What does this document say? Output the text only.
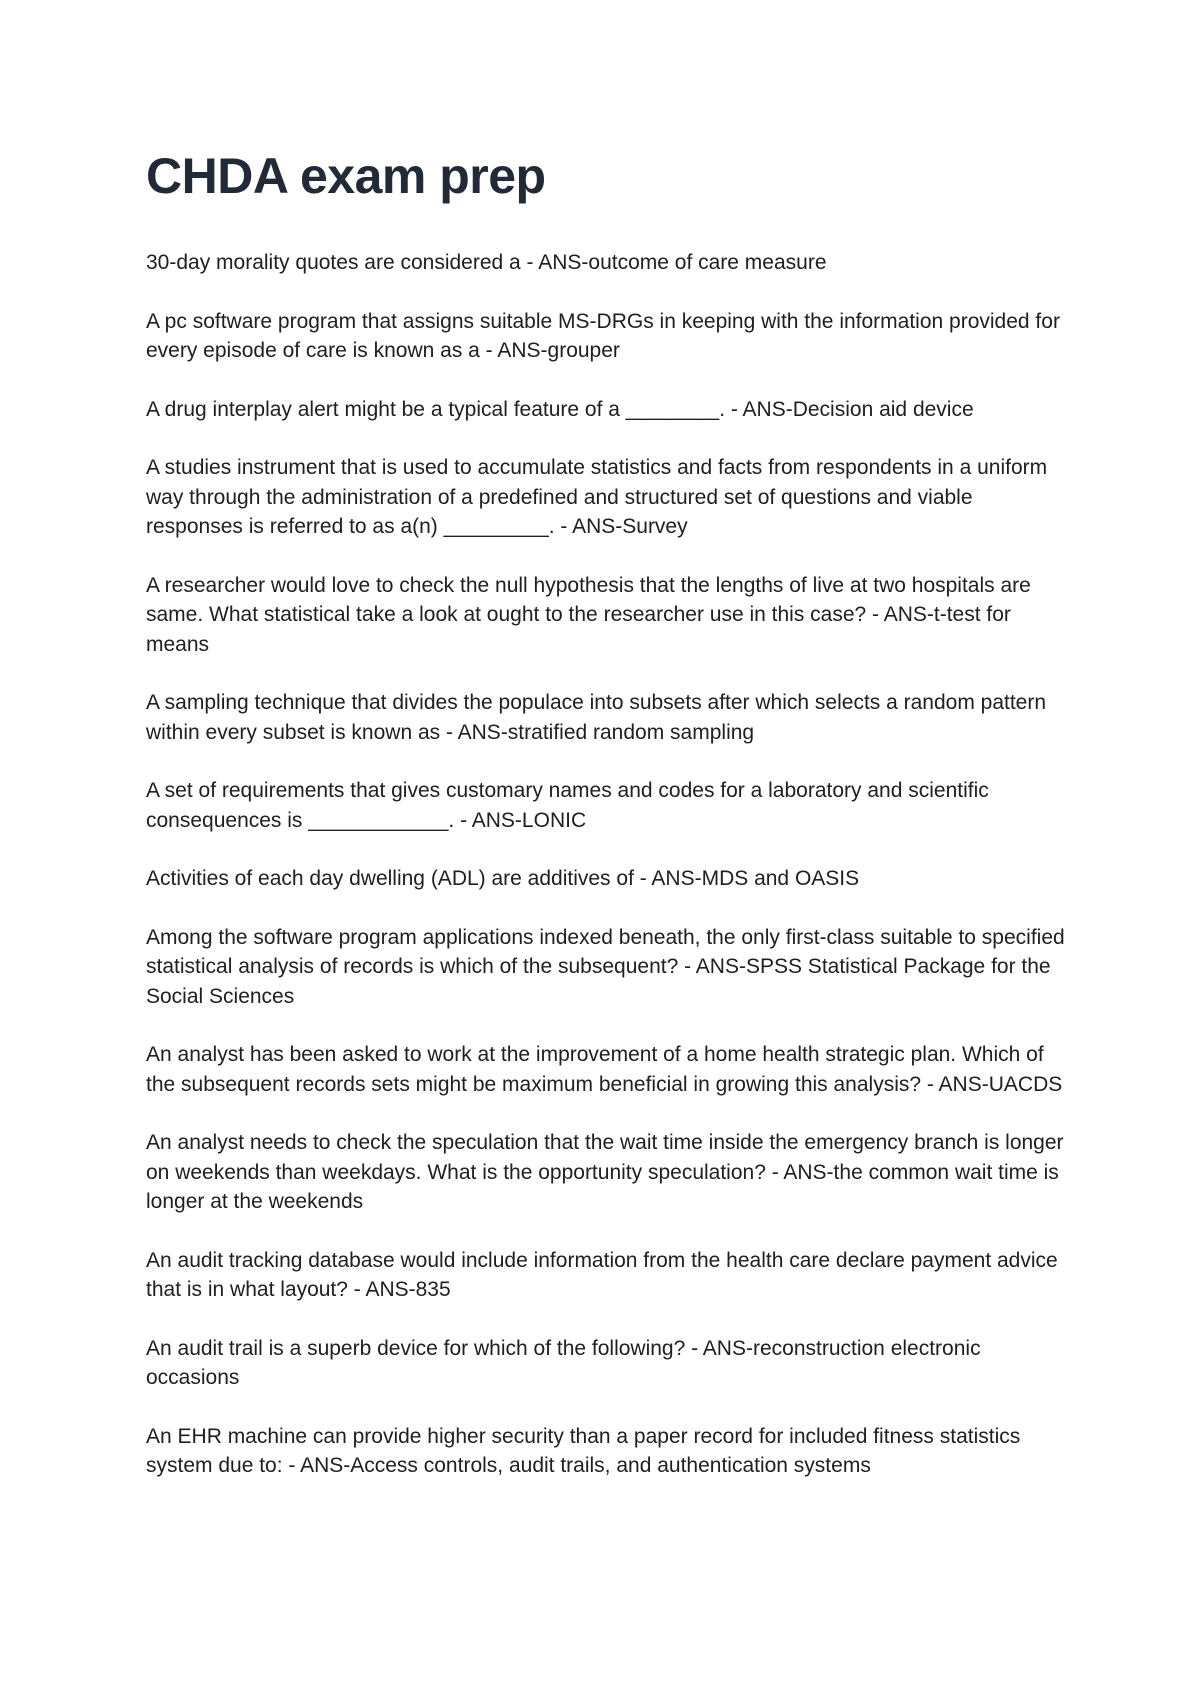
CHDA exam prep

30-day morality quotes are considered a - ANS-outcome of care measure

A pc software program that assigns suitable MS-DRGs in keeping with the information provided for every episode of care is known as a - ANS-grouper

A drug interplay alert might be a typical feature of a ________. - ANS-Decision aid device

A studies instrument that is used to accumulate statistics and facts from respondents in a uniform way through the administration of a predefined and structured set of questions and viable responses is referred to as a(n) _________. - ANS-Survey

A researcher would love to check the null hypothesis that the lengths of live at two hospitals are same. What statistical take a look at ought to the researcher use in this case? - ANS-t-test for means

A sampling technique that divides the populace into subsets after which selects a random pattern within every subset is known as - ANS-stratified random sampling

A set of requirements that gives customary names and codes for a laboratory and scientific consequences is ____________. - ANS-LONIC

Activities of each day dwelling (ADL) are additives of - ANS-MDS and OASIS

Among the software program applications indexed beneath, the only first-class suitable to specified statistical analysis of records is which of the subsequent? - ANS-SPSS Statistical Package for the Social Sciences

An analyst has been asked to work at the improvement of a home health strategic plan. Which of the subsequent records sets might be maximum beneficial in growing this analysis? - ANS-UACDS

An analyst needs to check the speculation that the wait time inside the emergency branch is longer on weekends than weekdays. What is the opportunity speculation? - ANS-the common wait time is longer at the weekends

An audit tracking database would include information from the health care declare payment advice that is in what layout? - ANS-835

An audit trail is a superb device for which of the following? - ANS-reconstruction electronic occasions

An EHR machine can provide higher security than a paper record for included fitness statistics system due to: - ANS-Access controls, audit trails, and authentication systems
